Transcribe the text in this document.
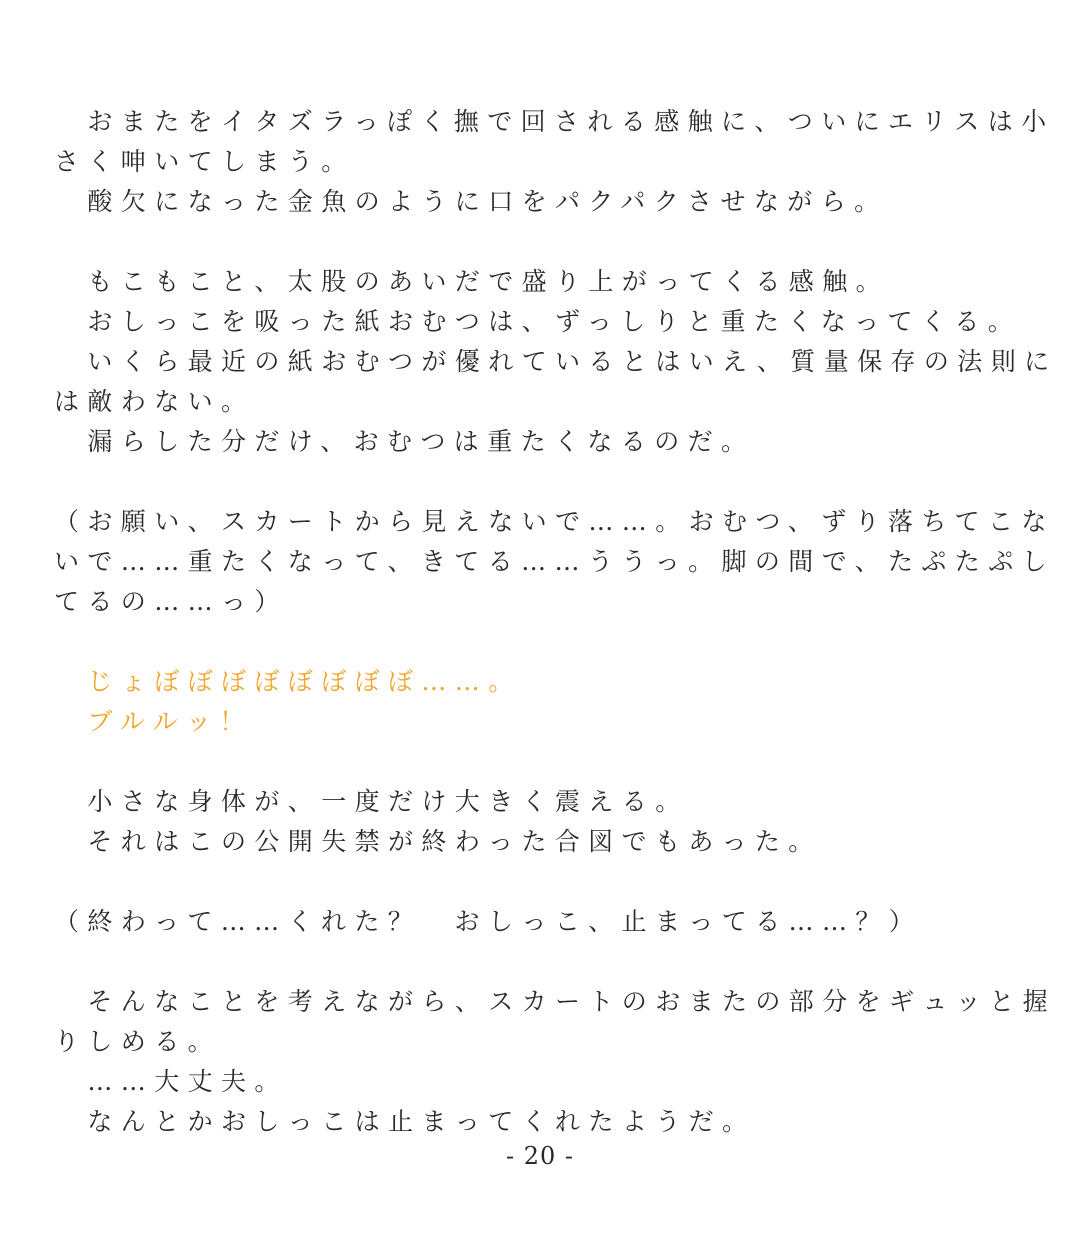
　おまたをイタズラっぽく撫で回される感触に、ついにエリスは小
さく呻いてしまう。
　酸欠になった金魚のように口をパクパクさせながら。
　もこもこと、太股のあいだで盛り上がってくる感触。
　おしっこを吸った紙おむつは、ずっしりと重たくなってくる。
　いくら最近の紙おむつが優れているとはいえ、質量保存の法則に
は敵わない。
　漏らした分だけ、おむつは重たくなるのだ。
（お願い、スカートから見えないで……。おむつ、ずり落ちてこな
いで……重たくなって、きてる……ううっ。脚の間で、たぷたぷし
てるの……っ）
　じょぼぼぼぼぼぼぼぼ……。
　ブルルッ！
　小さな身体が、一度だけ大きく震える。
　それはこの公開失禁が終わった合図でもあった。
（終わって……くれた？　おしっこ、止まってる……？）
　そんなことを考えながら、スカートのおまたの部分をギュッと握
りしめる。
　……大丈夫。
　なんとかおしっこは止まってくれたようだ。
- 20 -
